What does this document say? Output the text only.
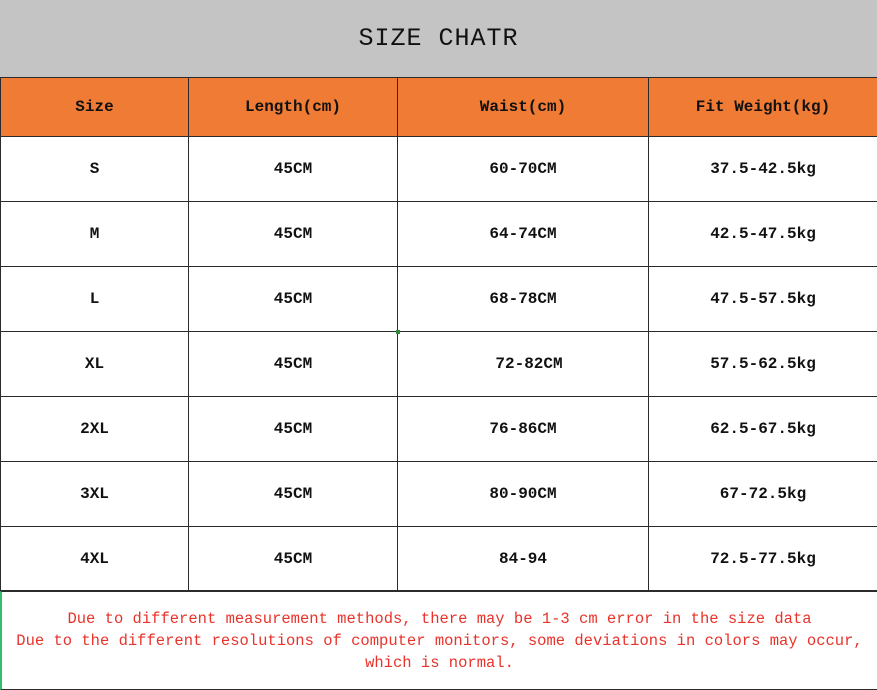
SIZE CHATR
Size	Length(cm)	Waist(cm)	Fit Weight(kg)
S	45CM	60-70CM	37.5-42.5kg
M	45CM	64-74CM	42.5-47.5kg
L	45CM	68-78CM	47.5-57.5kg
XL	45CM	72-82CM	57.5-62.5kg
2XL	45CM	76-86CM	62.5-67.5kg
3XL	45CM	80-90CM	67-72.5kg
4XL	45CM	84-94	72.5-77.5kg
Due to different measurement methods, there may be 1-3 cm error in the size data
Due to the different resolutions of computer monitors, some deviations in colors may occur,
which is normal.
